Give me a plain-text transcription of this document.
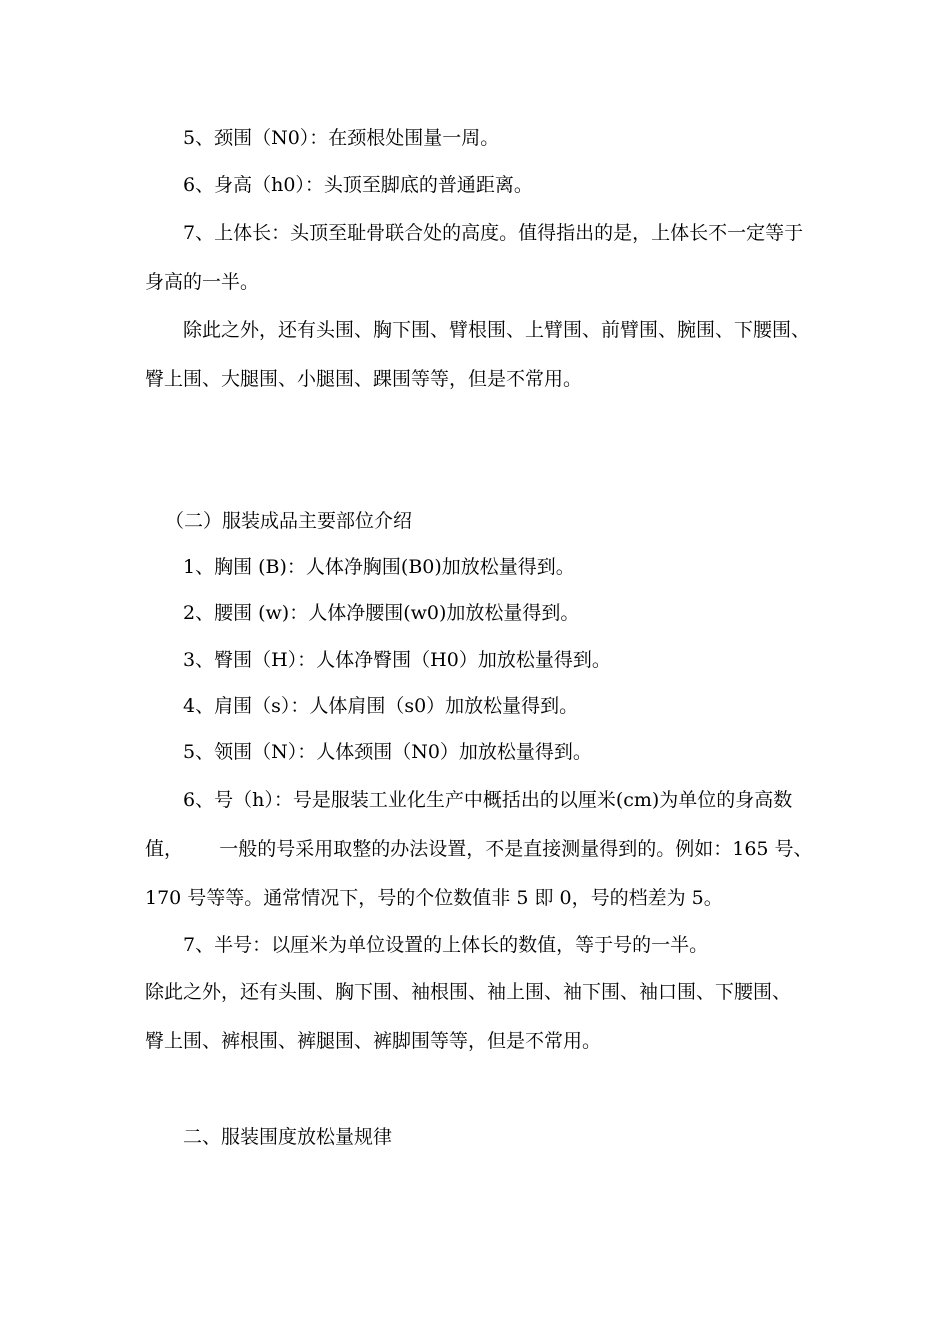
5、颈围（N0）：在颈根处围量一周。

6、身高（h0）：头顶至脚底的普通距离。

7、上体长：头顶至耻骨联合处的高度。值得指出的是，上体长不一定等于

身高的一半。

除此之外，还有头围、胸下围、臂根围、上臂围、前臂围、腕围、下腰围、

臀上围、大腿围、小腿围、踝围等等，但是不常用。

（二）服装成品主要部位介绍

1、胸围 (B)：人体净胸围(B0)加放松量得到。

2、腰围 (w)：人体净腰围(w0)加放松量得到。

3、臀围（H）：人体净臀围（H0）加放松量得到。

4、肩围（s）：人体肩围（s0）加放松量得到。

5、领围（N）：人体颈围（N0）加放松量得到。

6、号（h）：号是服装工业化生产中概括出的以厘米(cm)为单位的身高数

值，      一般的号采用取整的办法设置，不是直接测量得到的。例如：165 号、

170 号等等。通常情况下，号的个位数值非 5 即 0，号的档差为 5。

7、半号：以厘米为单位设置的上体长的数值，等于号的一半。

除此之外，还有头围、胸下围、袖根围、袖上围、袖下围、袖口围、下腰围、

臀上围、裤根围、裤腿围、裤脚围等等，但是不常用。

二、服装围度放松量规律
